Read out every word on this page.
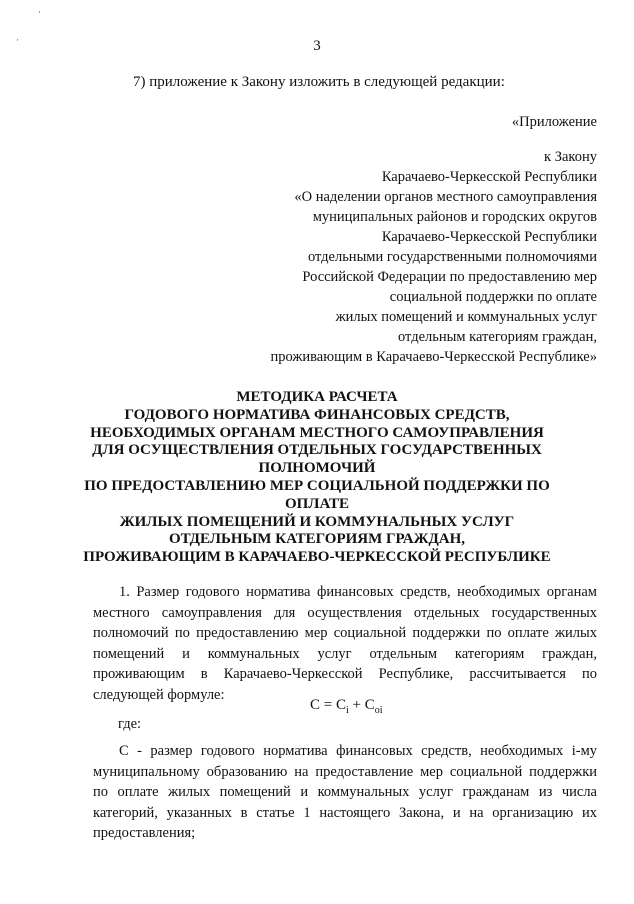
·
·	3
7) приложение к Закону изложить в следующей редакции:
«Приложение
к Закону
Карачаево-Черкесской Республики
«О наделении органов местного самоуправления
муниципальных районов и городских округов
Карачаево-Черкесской Республики
отдельными государственными полномочиями
Российской Федерации по предоставлению мер
социальной поддержки по оплате
жилых помещений и коммунальных услуг
отдельным категориям граждан,
проживающим в Карачаево-Черкесской Республике»
МЕТОДИКА РАСЧЕТА
ГОДОВОГО НОРМАТИВА ФИНАНСОВЫХ СРЕДСТВ,
НЕОБХОДИМЫХ ОРГАНАМ МЕСТНОГО САМОУПРАВЛЕНИЯ
ДЛЯ ОСУЩЕСТВЛЕНИЯ ОТДЕЛЬНЫХ ГОСУДАРСТВЕННЫХ
ПОЛНОМОЧИЙ
ПО ПРЕДОСТАВЛЕНИЮ МЕР СОЦИАЛЬНОЙ ПОДДЕРЖКИ ПО
ОПЛАТЕ
ЖИЛЫХ ПОМЕЩЕНИЙ И КОММУНАЛЬНЫХ УСЛУГ
ОТДЕЛЬНЫМ КАТЕГОРИЯМ ГРАЖДАН,
ПРОЖИВАЮЩИМ В КАРАЧАЕВО-ЧЕРКЕССКОЙ РЕСПУБЛИКЕ
1. Размер годового норматива финансовых средств, необходимых органам
местного самоуправления для осуществления отдельных государственных
полномочий по предоставлению мер социальной поддержки по оплате жилых
помещений и коммунальных услуг отдельным категориям граждан,
проживающим в Карачаево-Черкесской Республике, рассчитывается по
следующей формуле:
$С = С_i + С_{oi}$
где:
С - размер годового норматива финансовых средств, необходимых i-му
муниципальному образованию на предоставление мер социальной поддержки
по оплате жилых помещений и коммунальных услуг гражданам из числа
категорий, указанных в статье 1 настоящего Закона, и на организацию их
предоставления;
